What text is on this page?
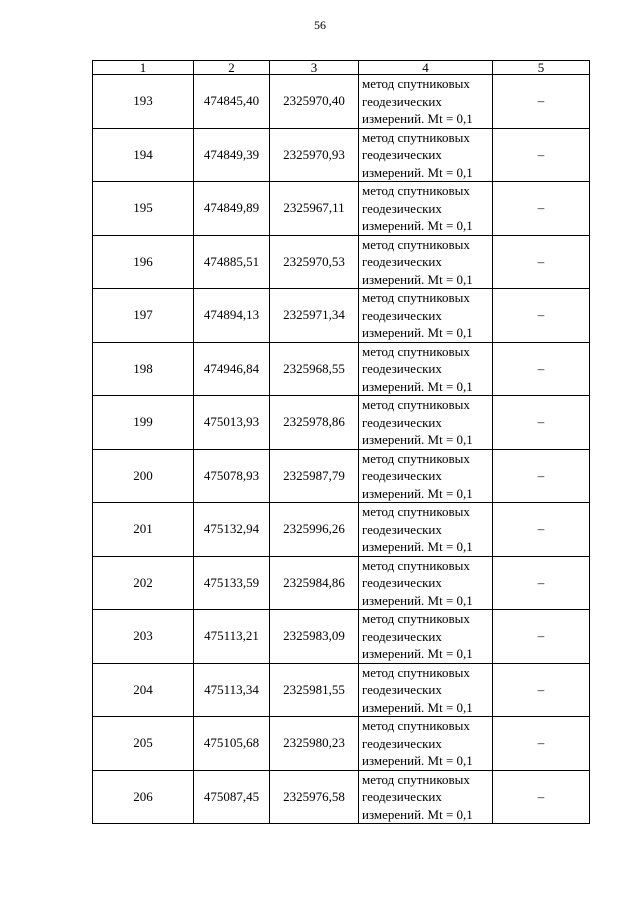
56
1	2	3	4	5
193	474845,40	2325970,40	метод спутниковых
геодезических
измерений. Mt = 0,1	–
194	474849,39	2325970,93	метод спутниковых
геодезических
измерений. Mt = 0,1	–
195	474849,89	2325967,11	метод спутниковых
геодезических
измерений. Mt = 0,1	–
196	474885,51	2325970,53	метод спутниковых
геодезических
измерений. Mt = 0,1	–
197	474894,13	2325971,34	метод спутниковых
геодезических
измерений. Mt = 0,1	–
198	474946,84	2325968,55	метод спутниковых
геодезических
измерений. Mt = 0,1	–
199	475013,93	2325978,86	метод спутниковых
геодезических
измерений. Mt = 0,1	–
200	475078,93	2325987,79	метод спутниковых
геодезических
измерений. Mt = 0,1	–
201	475132,94	2325996,26	метод спутниковых
геодезических
измерений. Mt = 0,1	–
202	475133,59	2325984,86	метод спутниковых
геодезических
измерений. Mt = 0,1	–
203	475113,21	2325983,09	метод спутниковых
геодезических
измерений. Mt = 0,1	–
204	475113,34	2325981,55	метод спутниковых
геодезических
измерений. Mt = 0,1	–
205	475105,68	2325980,23	метод спутниковых
геодезических
измерений. Mt = 0,1	–
206	475087,45	2325976,58	метод спутниковых
геодезических
измерений. Mt = 0,1	–
